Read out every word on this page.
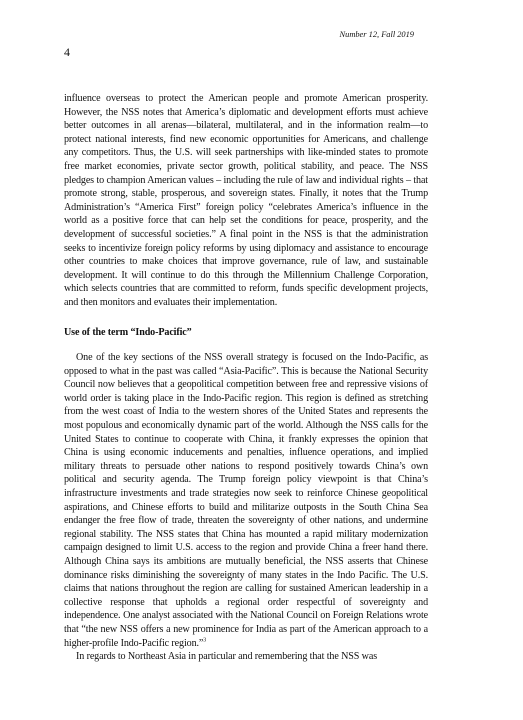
Number 12, Fall 2019
4

influence overseas to protect the American people and promote American prosperity. However, the NSS notes that America’s diplomatic and development efforts must achieve better outcomes in all arenas—bilateral, multilateral, and in the information realm—to protect national interests, find new economic opportunities for Americans, and challenge any competitors. Thus, the U.S. will seek partnerships with like-minded states to promote free market economies, private sector growth, political stability, and peace. The NSS pledges to champion American values – including the rule of law and individual rights – that promote strong, stable, prosperous, and sovereign states. Finally, it notes that the Trump Administration’s “America First” foreign policy “celebrates America’s influence in the world as a positive force that can help set the conditions for peace, prosperity, and the development of successful societies.” A final point in the NSS is that the administration seeks to incentivize foreign policy reforms by using diplomacy and assistance to encourage other countries to make choices that improve governance, rule of law, and sustainable development. It will continue to do this through the Millennium Challenge Corporation, which selects countries that are committed to reform, funds specific development projects, and then monitors and evaluates their implementation.

Use of the term “Indo-Pacific”

One of the key sections of the NSS overall strategy is focused on the Indo-Pacific, as opposed to what in the past was called “Asia-Pacific”. This is because the National Security Council now believes that a geopolitical competition between free and repressive visions of world order is taking place in the Indo-Pacific region. This region is defined as stretching from the west coast of India to the western shores of the United States and represents the most populous and economically dynamic part of the world. Although the NSS calls for the United States to continue to cooperate with China, it frankly expresses the opinion that China is using economic inducements and penalties, influence operations, and implied military threats to persuade other nations to respond positively towards China’s own political and security agenda. The Trump foreign policy viewpoint is that China’s infrastructure investments and trade strategies now seek to reinforce Chinese geopolitical aspirations, and Chinese efforts to build and militarize outposts in the South China Sea endanger the free flow of trade, threaten the sovereignty of other nations, and undermine regional stability. The NSS states that China has mounted a rapid military modernization campaign designed to limit U.S. access to the region and provide China a freer hand there. Although China says its ambitions are mutually beneficial, the NSS asserts that Chinese dominance risks diminishing the sovereignty of many states in the Indo Pacific. The U.S. claims that nations throughout the region are calling for sustained American leadership in a collective response that upholds a regional order respectful of sovereignty and independence. One analyst associated with the National Council on Foreign Relations wrote that “the new NSS offers a new prominence for India as part of the American approach to a higher-profile Indo-Pacific region.”$^3$

In regards to Northeast Asia in particular and remembering that the NSS was
